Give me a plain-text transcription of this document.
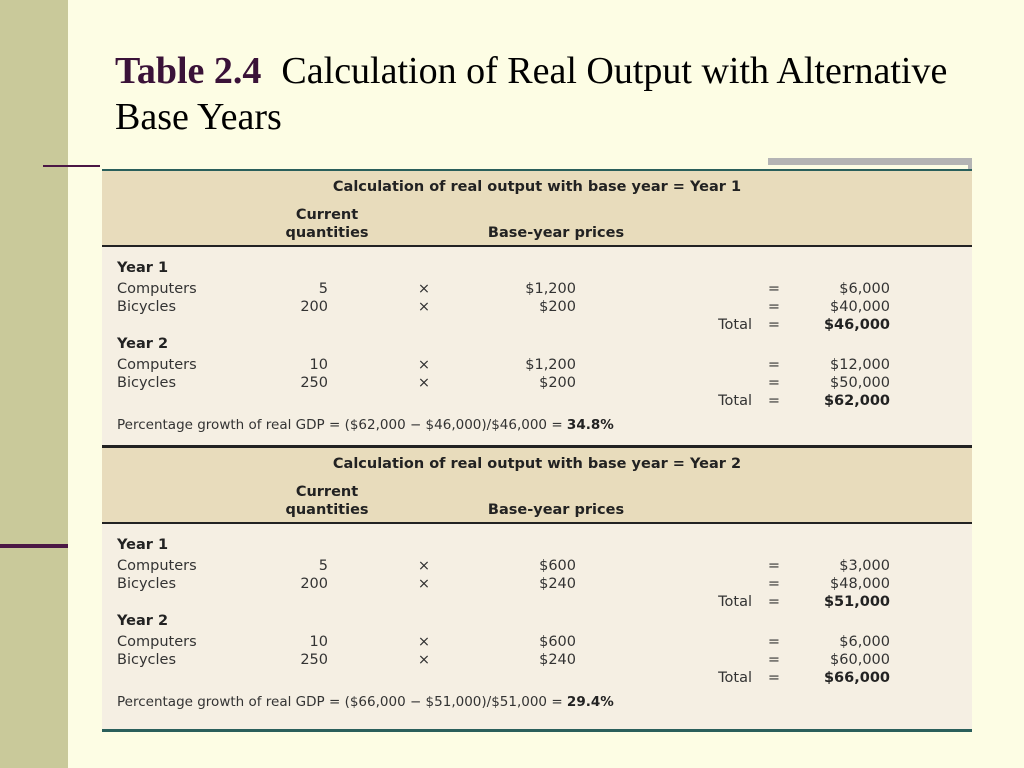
Table 2.4 Calculation of Real Output with Alternative Base Years
Calculation of real output with base year = Year 1
Current
quantities	Base-year prices
Year 1
Computers	5	×	$1,200	=	$6,000
Bicycles	200	×	$200	=	$40,000
Total =	$46,000
Year 2
Computers	10	×	$1,200	=	$12,000
Bicycles	250	×	$200	=	$50,000
Total =	$62,000
Percentage growth of real GDP = ($62,000 − $46,000)/$46,000 = 34.8%
Calculation of real output with base year = Year 2
Current
quantities	Base-year prices
Year 1
Computers	5	×	$600	=	$3,000
Bicycles	200	×	$240	=	$48,000
Total =	$51,000
Year 2
Computers	10	×	$600	=	$6,000
Bicycles	250	×	$240	=	$60,000
Total =	$66,000
Percentage growth of real GDP = ($66,000 − $51,000)/$51,000 = 29.4%
